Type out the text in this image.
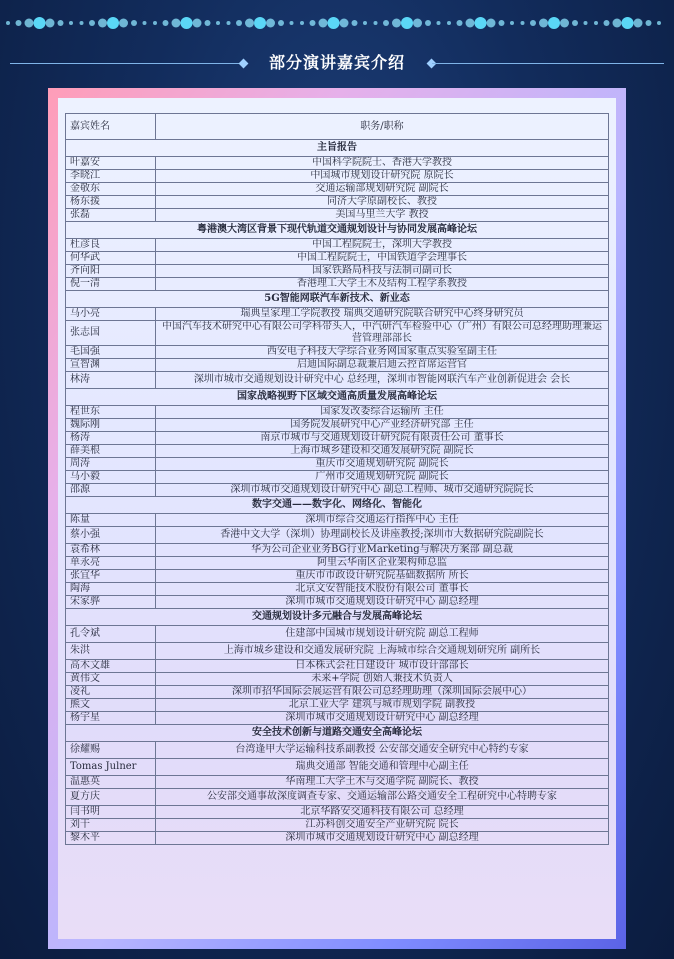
部分演讲嘉宾介绍
嘉宾姓名	职务/职称
主旨报告	
叶嘉安	中国科学院院士、香港大学教授
李晓江	中国城市规划设计研究院 原院长
金敬东	交通运输部规划研究院 副院长
杨东援	同济大学原副校长、教授
张磊	美国马里兰大学 教授
粤港澳大湾区背景下现代轨道交通规划设计与协同发展高峰论坛	
杜彦良	中国工程院院士，深圳大学教授
何华武	中国工程院院士，中国铁道学会理事长
齐向阳	国家铁路局科技与法制司副司长
倪一清	香港理工大学土木及结构工程学系教授
5G智能网联汽车新技术、新业态	
马小亮	瑞典皇家理工学院教授 瑞典交通研究院联合研究中心终身研究员
张志国	中国汽车技术研究中心有限公司学科带头人，中汽研汽车检验中心（广州）有限公司总经理助理兼运营管理部部长
毛国强	西安电子科技大学综合业务网国家重点实验室副主任
宣智渊	启迪国际副总裁兼启迪云控首席运营官
林涛	深圳市城市交通规划设计研究中心 总经理，深圳市智能网联汽车产业创新促进会 会长
国家战略视野下区域交通高质量发展高峰论坛	
程世东	国家发改委综合运输所 主任
魏际刚	国务院发展研究中心产业经济研究部 主任
杨涛	南京市城市与交通规划设计研究院有限责任公司 董事长
薛美根	上海市城乡建设和交通发展研究院 副院长
周涛	重庆市交通规划研究院 副院长
马小毅	广州市交通规划研究院 副院长
邵源	深圳市城市交通规划设计研究中心 副总工程师、城市交通研究院院长
数字交通——数字化、网络化、智能化	
陈量	深圳市综合交通运行指挥中心 主任
蔡小强	香港中文大学（深圳）协理副校长及讲座教授;深圳市大数据研究院副院长
袁希林	华为公司企业业务BG行业Marketing与解决方案部 副总裁
单永亮	阿里云华南区企业架构师总监
张宜华	重庆市市政设计研究院基础数据所 所长
陶海	北京文安智能技术股份有限公司 董事长
宋家骅	深圳市城市交通规划设计研究中心 副总经理
交通规划设计多元融合与发展高峰论坛	
孔令斌	住建部中国城市规划设计研究院 副总工程师
朱洪	上海市城乡建设和交通发展研究院 上海城市综合交通规划研究所 副所长
高木文雄	日本株式会社日建设计 城市设计部部长
黄伟文	未来+学院 创始人兼技术负责人
凌礼	深圳市招华国际会展运营有限公司总经理助理（深圳国际会展中心）
熊文	北京工业大学 建筑与城市规划学院 副教授
杨宇星	深圳市城市交通规划设计研究中心 副总经理
安全技术创新与道路交通安全高峰论坛	
徐耀赐	台湾逢甲大学运输科技系副教授 公安部交通安全研究中心特约专家
Tomas Julner	瑞典交通部 智能交通和管理中心副主任
温惠英	华南理工大学土木与交通学院 副院长、教授
夏方庆	公安部交通事故深度调查专家、交通运输部公路交通安全工程研究中心特聘专家
闫书明	北京华路安交通科技有限公司 总经理
刘干	江苏科创交通安全产业研究院 院长
黎木平	深圳市城市交通规划设计研究中心 副总经理
